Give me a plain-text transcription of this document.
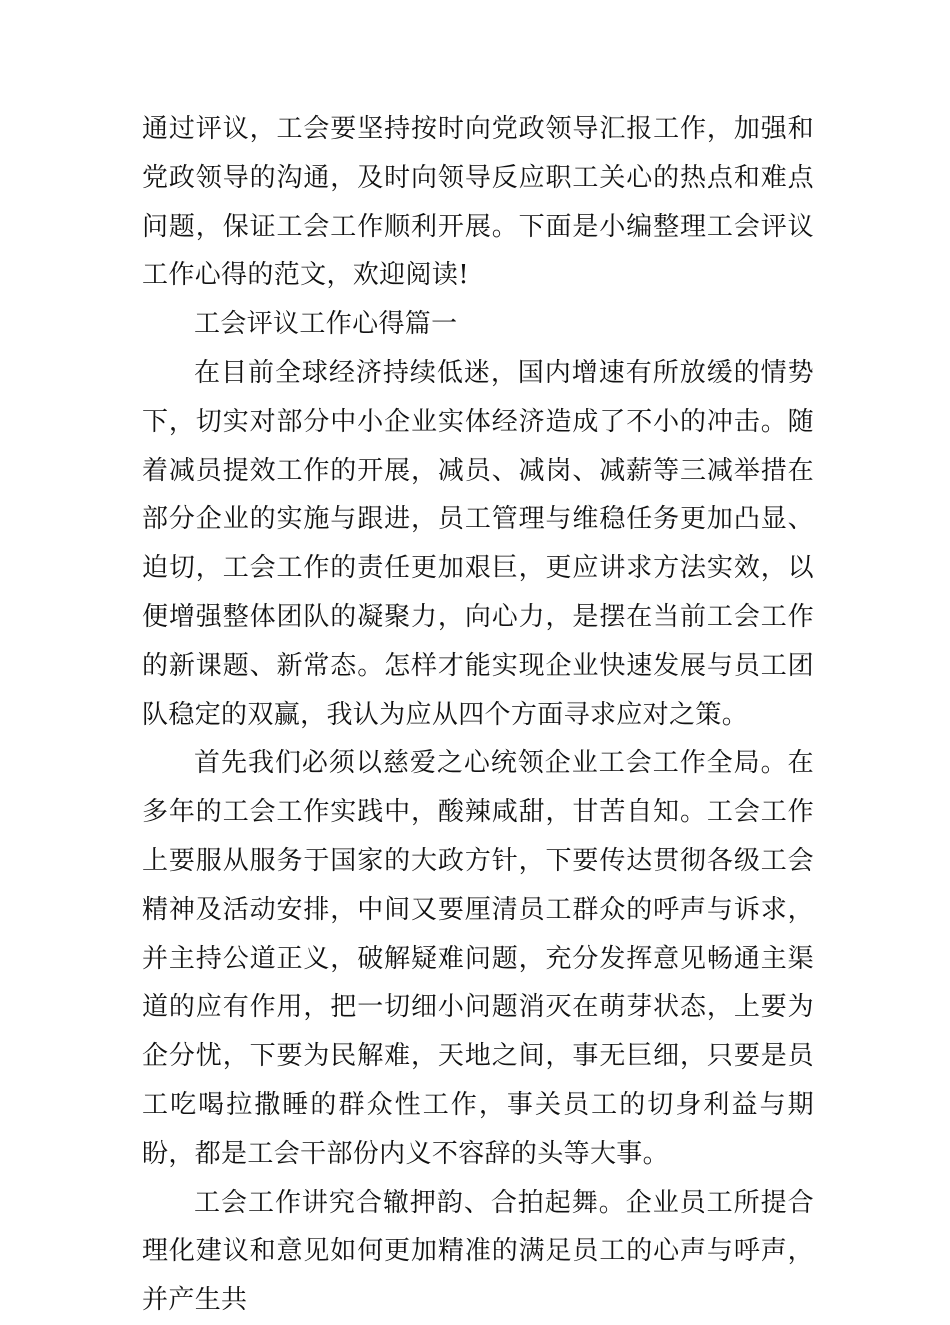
通过评议，工会要坚持按时向党政领导汇报工作，加强和党政领导的沟通，及时向领导反应职工关心的热点和难点问题，保证工会工作顺利开展。下面是小编整理工会评议工作心得的范文，欢迎阅读!

工会评议工作心得篇一

在目前全球经济持续低迷，国内增速有所放缓的情势下，切实对部分中小企业实体经济造成了不小的冲击。随着减员提效工作的开展，减员、减岗、减薪等三减举措在部分企业的实施与跟进，员工管理与维稳任务更加凸显、迫切，工会工作的责任更加艰巨，更应讲求方法实效，以便增强整体团队的凝聚力，向心力，是摆在当前工会工作的新课题、新常态。怎样才能实现企业快速发展与员工团队稳定的双赢，我认为应从四个方面寻求应对之策。

首先我们必须以慈爱之心统领企业工会工作全局。在多年的工会工作实践中，酸辣咸甜，甘苦自知。工会工作上要服从服务于国家的大政方针，下要传达贯彻各级工会精神及活动安排，中间又要厘清员工群众的呼声与诉求，并主持公道正义，破解疑难问题，充分发挥意见畅通主渠道的应有作用，把一切细小问题消灭在萌芽状态，上要为企分忧，下要为民解难，天地之间，事无巨细，只要是员工吃喝拉撒睡的群众性工作，事关员工的切身利益与期盼，都是工会干部份内义不容辞的头等大事。

工会工作讲究合辙押韵、合拍起舞。企业员工所提合理化建议和意见如何更加精准的满足员工的心声与呼声，并产生共
